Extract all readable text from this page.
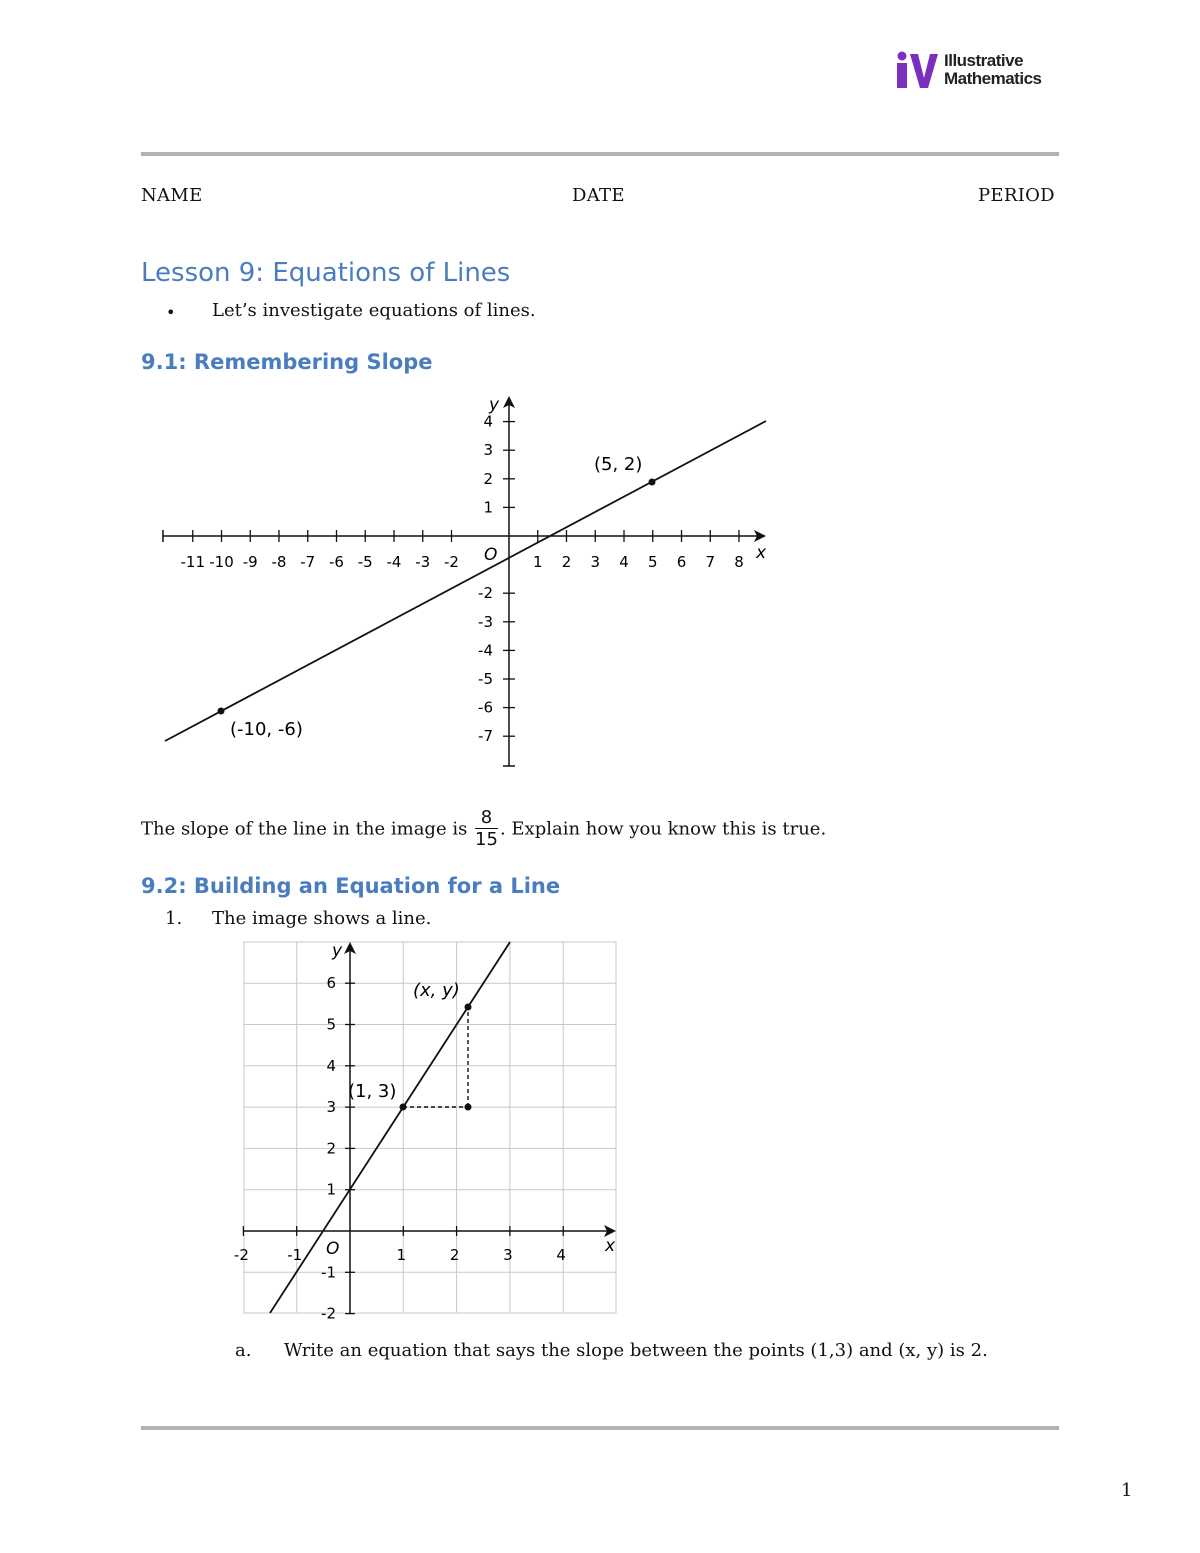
Illustrative
Mathematics
NAME	DATE	PERIOD
Lesson 9: Equations of Lines
• Let’s investigate equations of lines.
9.1: Remembering Slope
-11 -10 -9 -8 -7 -6 -5 -4 -3 -2	1 2 3 4 5 6 7 8
4
3
2
1
-2
-3
-4
-5
-6
-7
x
y
O
(5, 2)
(-10, -6)
The slope of the line in the image is $\frac{8}{15}$ . Explain how you know this is true.
9.2: Building an Equation for a Line
1. The image shows a line.
-2	-1	1	2	3	4
6
5
4
3
2
1
-1
-2
x
y
O
(1, 3)
(x, y)
a. Write an equation that says the slope between the points (1,3) and (x, y) is 2.
1
